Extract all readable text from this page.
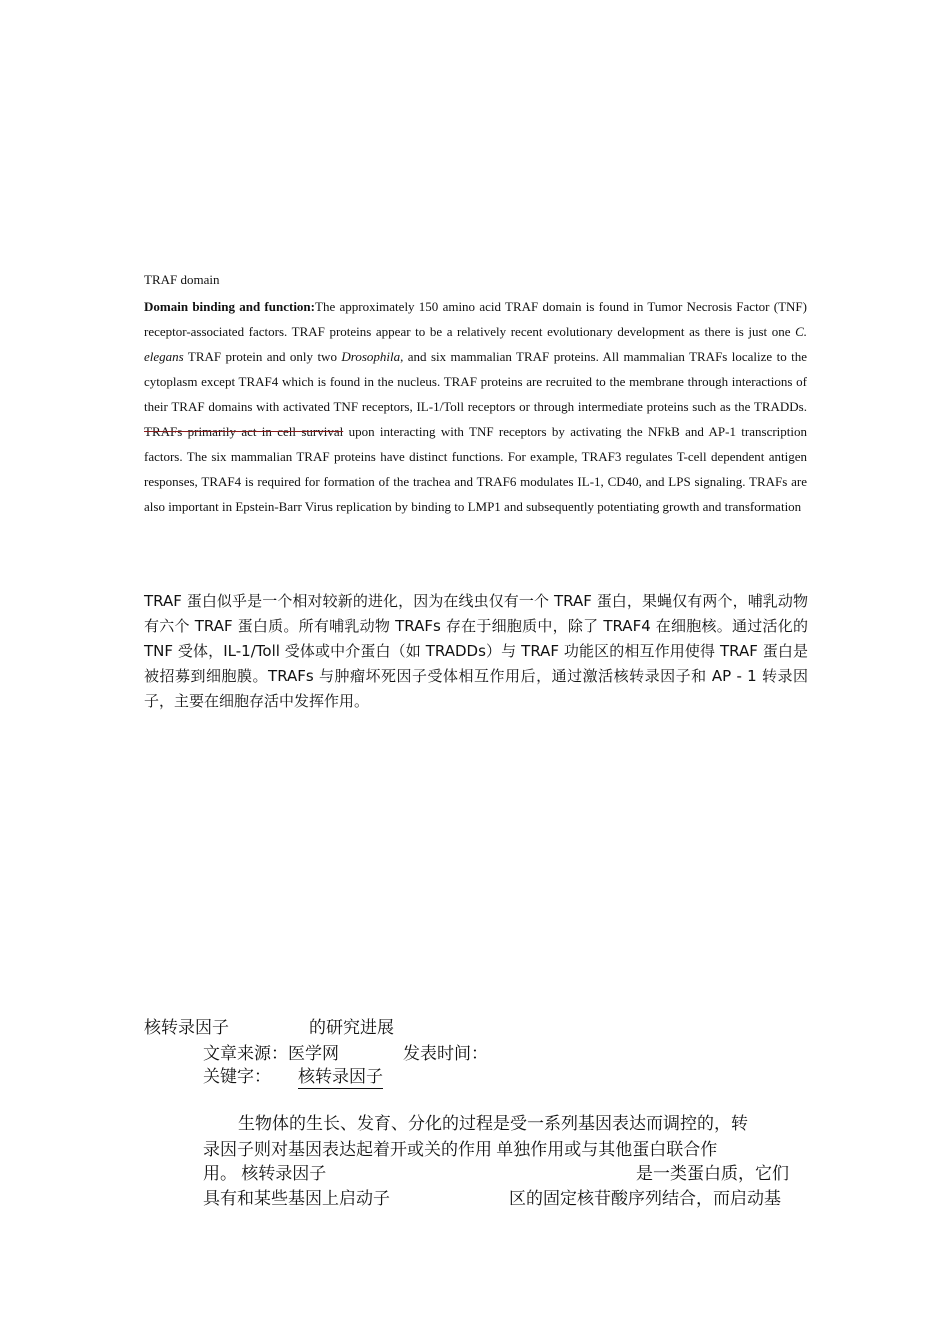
TRAF domain
Domain binding and function:The approximately 150 amino acid TRAF domain is found in Tumor Necrosis Factor (TNF) receptor-associated factors. TRAF proteins appear to be a relatively recent evolutionary development as there is just one C. elegans TRAF protein and only two Drosophila, and six mammalian TRAF proteins. All mammalian TRAFs localize to the cytoplasm except TRAF4 which is found in the nucleus. TRAF proteins are recruited to the membrane through interactions of their TRAF domains with activated TNF receptors, IL-1/Toll receptors or through intermediate proteins such as the TRADDs. TRAFs primarily act in cell survival upon interacting with TNF receptors by activating the NFkB and AP-1 transcription factors. The six mammalian TRAF proteins have distinct functions. For example, TRAF3 regulates T-cell dependent antigen responses, TRAF4 is required for formation of the trachea and TRAF6 modulates IL-1, CD40, and LPS signaling. TRAFs are also important in Epstein-Barr Virus replication by binding to LMP1 and subsequently potentiating growth and transformation
TRAF 蛋白似乎是一个相对较新的进化，因为在线虫仅有一个 TRAF 蛋白，果蝇仅有两个，哺乳动物有六个 TRAF 蛋白质。所有哺乳动物 TRAFs 存在于细胞质中，除了 TRAF4 在细胞核。通过活化的 TNF 受体，IL-1/Toll 受体或中介蛋白（如 TRADDs）与 TRAF 功能区的相互作用使得 TRAF 蛋白是被招募到细胞膜。TRAFs 与肿瘤坏死因子受体相互作用后，通过激活核转录因子和 AP - 1 转录因子，主要在细胞存活中发挥作用。
核转录因子	的研究进展
文章来源：医学网	发表时间：
关键字： 核转录因子
生物体的生长、发育、分化的过程是受一系列基因表达而调控的，转
录因子则对基因表达起着开或关的作用 单独作用或与其他蛋白联合作
用。 核转录因子	是一类蛋白质，它们
具有和某些基因上启动子	区的固定核苷酸序列结合，而启动基
